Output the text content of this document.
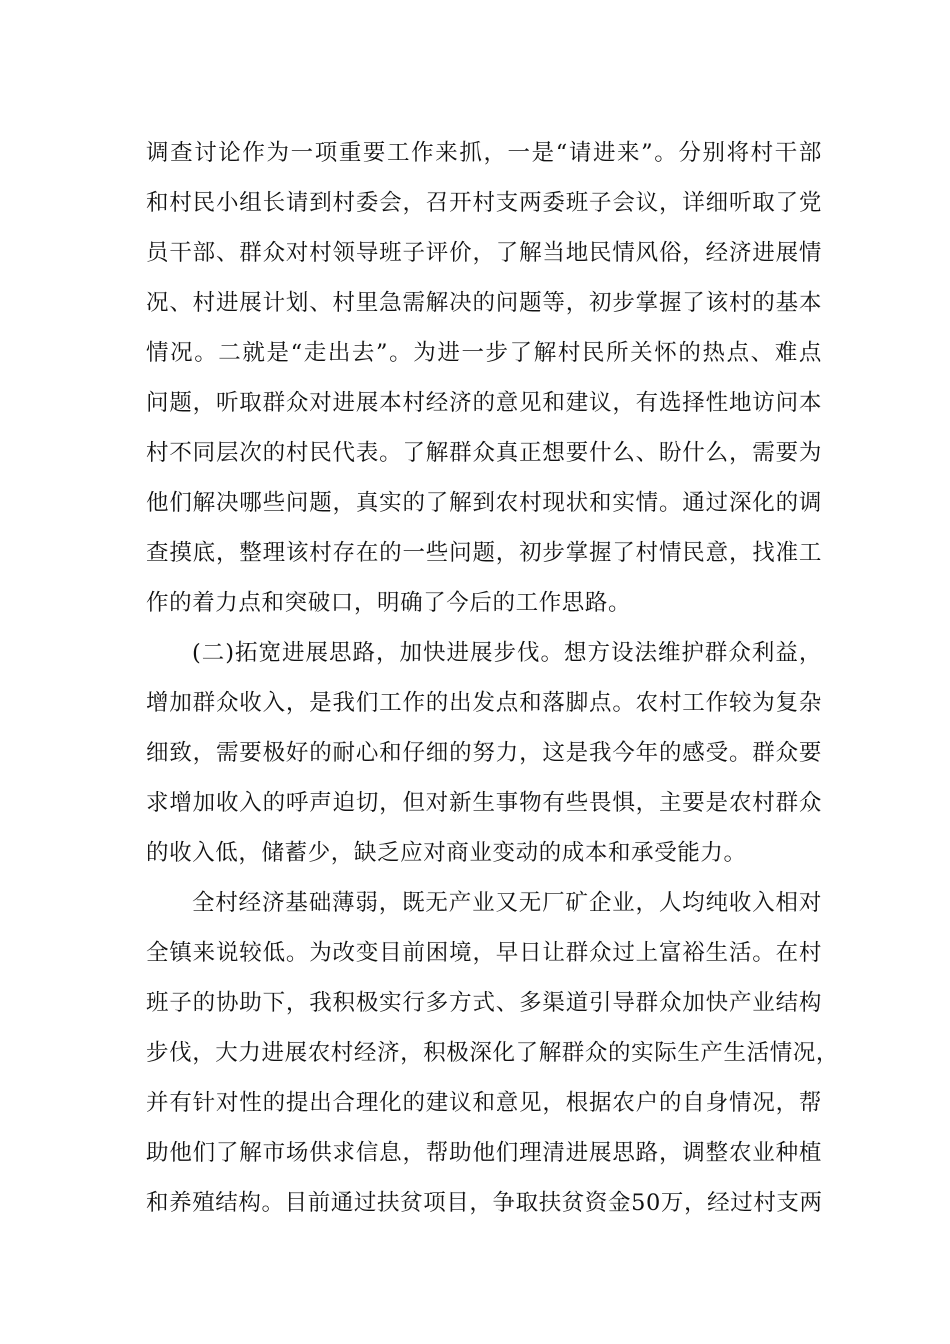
调查讨论作为一项重要工作来抓，一是“请进来”。分别将村干部
和村民小组长请到村委会，召开村支两委班子会议，详细听取了党
员干部、群众对村领导班子评价，了解当地民情风俗，经济进展情
况、村进展计划、村里急需解决的问题等，初步掌握了该村的基本
情况。二就是“走出去”。为进一步了解村民所关怀的热点、难点
问题，听取群众对进展本村经济的意见和建议，有选择性地访问本
村不同层次的村民代表。了解群众真正想要什么、盼什么，需要为
他们解决哪些问题，真实的了解到农村现状和实情。通过深化的调
查摸底，整理该村存在的一些问题，初步掌握了村情民意，找准工
作的着力点和突破口，明确了今后的工作思路。
(二)拓宽进展思路，加快进展步伐。想方设法维护群众利益，
增加群众收入，是我们工作的出发点和落脚点。农村工作较为复杂
细致，需要极好的耐心和仔细的努力，这是我今年的感受。群众要
求增加收入的呼声迫切，但对新生事物有些畏惧，主要是农村群众
的收入低，储蓄少，缺乏应对商业变动的成本和承受能力。
全村经济基础薄弱，既无产业又无厂矿企业，人均纯收入相对
全镇来说较低。为改变目前困境，早日让群众过上富裕生活。在村
班子的协助下，我积极实行多方式、多渠道引导群众加快产业结构
步伐，大力进展农村经济，积极深化了解群众的实际生产生活情况，
并有针对性的提出合理化的建议和意见，根据农户的自身情况，帮
助他们了解市场供求信息，帮助他们理清进展思路，调整农业种植
和养殖结构。目前通过扶贫项目，争取扶贫资金50万，经过村支两
